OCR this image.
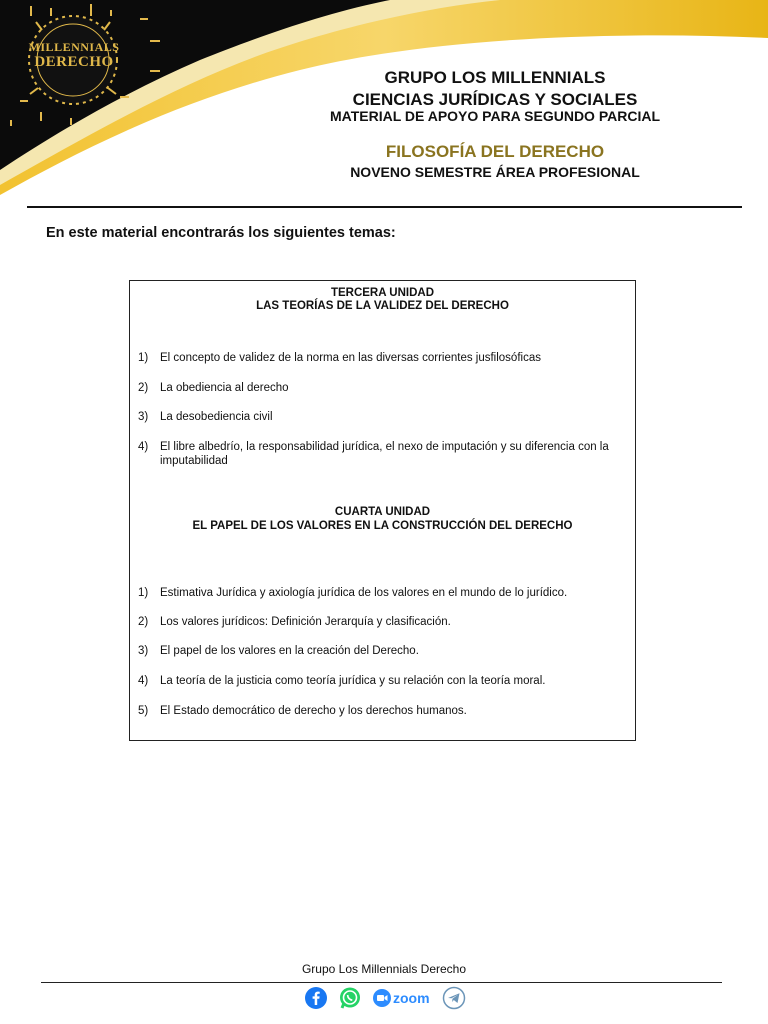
MILLENNIALS
DERECHO
GRUPO LOS MILLENNIALS
CIENCIAS JURÍDICAS Y SOCIALES
MATERIAL DE APOYO PARA SEGUNDO PARCIAL
FILOSOFÍA DEL DERECHO
NOVENO SEMESTRE ÁREA PROFESIONAL
En este material encontrarás los siguientes temas:
TERCERA UNIDAD
LAS TEORÍAS DE LA VALIDEZ DEL DERECHO
1) El concepto de validez de la norma en las diversas corrientes jusfilosóficas
2) La obediencia al derecho
3) La desobediencia civil
4) El libre albedrío, la responsabilidad jurídica, el nexo de imputación y su diferencia con la imputabilidad
CUARTA UNIDAD
EL PAPEL DE LOS VALORES EN LA CONSTRUCCIÓN DEL DERECHO
1) Estimativa Jurídica y axiología jurídica de los valores en el mundo de lo jurídico.
2) Los valores jurídicos: Definición Jerarquía y clasificación.
3) El papel de los valores en la creación del Derecho.
4) La teoría de la justicia como teoría jurídica y su relación con la teoría moral.
5) El Estado democrático de derecho y los derechos humanos.
Grupo Los Millennials Derecho
zoom
